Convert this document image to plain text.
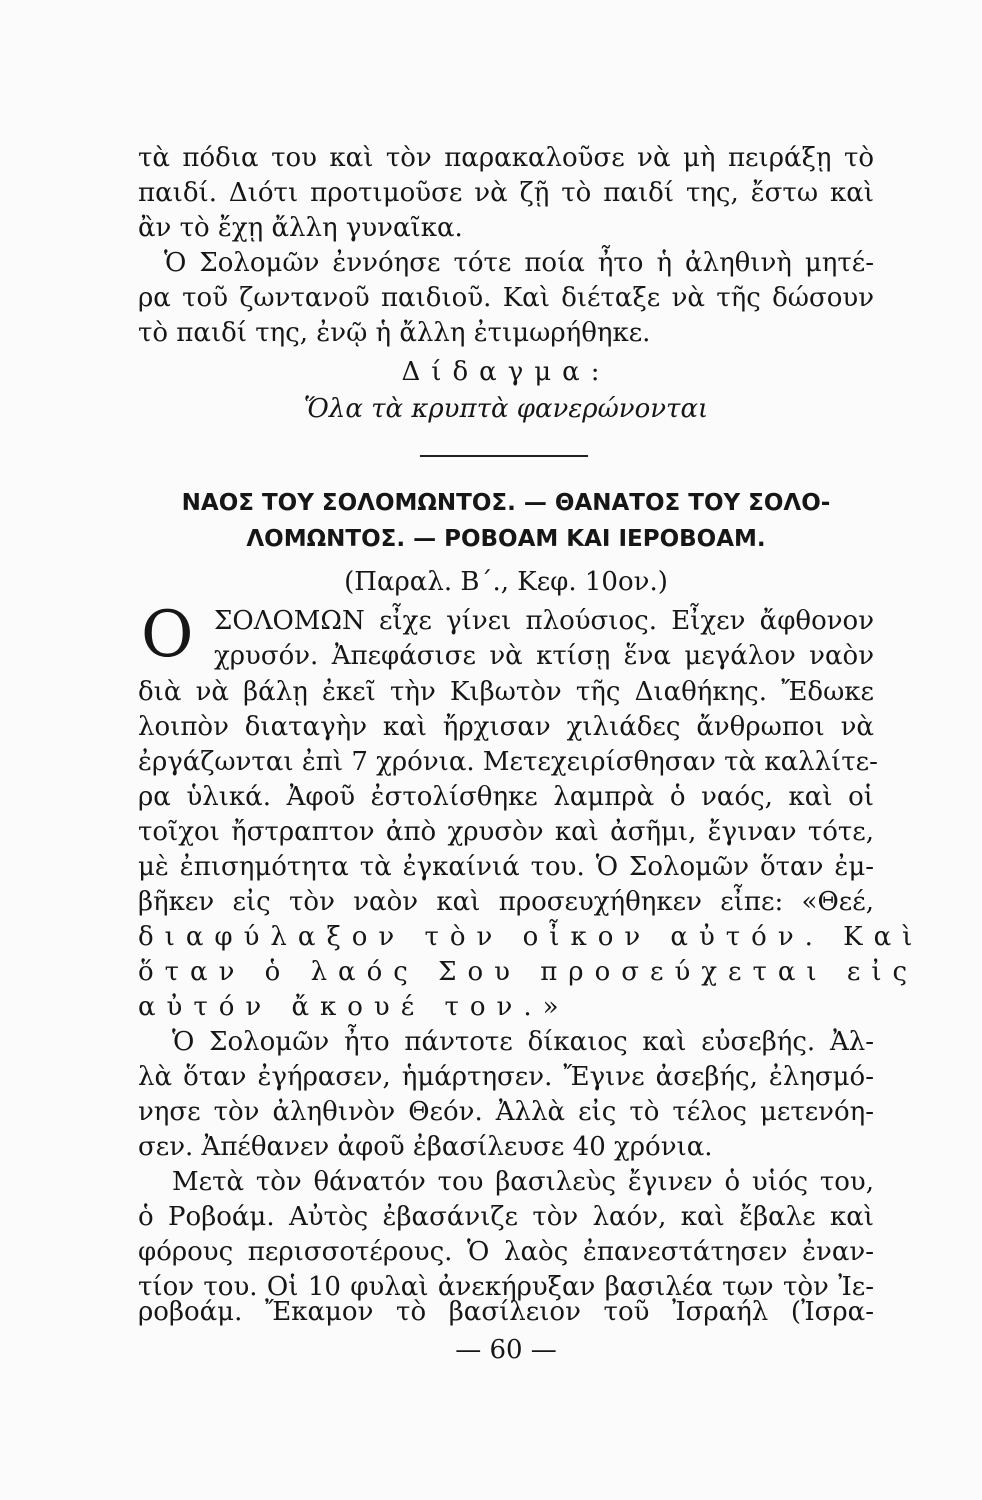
τὰ πόδια του καὶ τὸν παρακαλοῦσε νὰ μὴ πειράξῃ τὸ
παιδί. Διότι προτιμοῦσε νὰ ζῇ τὸ παιδί της, ἔστω καὶ
ἂν τὸ ἔχῃ ἄλλη γυναῖκα.
Ὁ Σολομῶν ἐννόησε τότε ποία ἦτο ἡ ἀληθινὴ μητέ-
ρα τοῦ ζωντανοῦ παιδιοῦ. Καὶ διέταξε νὰ τῆς δώσουν
τὸ παιδί της, ἐνῷ ἡ ἄλλη ἐτιμωρήθηκε.
Δίδαγμα:
Ὅλα τὰ κρυπτὰ φανερώνονται
ΝΑΟΣ ΤΟΥ ΣΟΛΟΜΩΝΤΟΣ. — ΘΑΝΑΤΟΣ ΤΟΥ ΣΟΛΟ-
ΛΟΜΩΝΤΟΣ. — ΡΟΒΟΑΜ ΚΑΙ ΙΕΡΟΒΟΑΜ.
(Παραλ. Β΄., Κεφ. 10ον.)
Ο ΣΟΛΟΜΩΝ εἶχε γίνει πλούσιος. Εἶχεν ἄφθονον
χρυσόν. Ἀπεφάσισε νὰ κτίσῃ ἕνα μεγάλον ναὸν
διὰ νὰ βάλῃ ἐκεῖ τὴν Κιβωτὸν τῆς Διαθήκης. Ἔδωκε
λοιπὸν διαταγὴν καὶ ἤρχισαν χιλιάδες ἄνθρωποι νὰ
ἐργάζωνται ἐπὶ 7 χρόνια. Μετεχειρίσθησαν τὰ καλλίτε-
ρα ὑλικά. Ἀφοῦ ἐστολίσθηκε λαμπρὰ ὁ ναός, καὶ οἱ
τοῖχοι ἤστραπτον ἀπὸ χρυσὸν καὶ ἀσῆμι, ἔγιναν τότε,
μὲ ἐπισημότητα τὰ ἐγκαίνιά του. Ὁ Σολομῶν ὅταν ἐμ-
βῆκεν εἰς τὸν ναὸν καὶ προσευχήθηκεν εἶπε: «Θεέ,
διαφύλαξον τὸν οἶκον αὐτόν. Καὶ
ὅταν ὁ λαός Σου προσεύχεται εἰς
αὐτόν ἄκουέ τον.»
Ὁ Σολομῶν ἦτο πάντοτε δίκαιος καὶ εὐσεβής. Ἀλ-
λὰ ὅταν ἐγήρασεν, ἡμάρτησεν. Ἔγινε ἀσεβής, ἐλησμό-
νησε τὸν ἀληθινὸν Θεόν. Ἀλλὰ εἰς τὸ τέλος μετενόη-
σεν. Ἀπέθανεν ἀφοῦ ἐβασίλευσε 40 χρόνια.
Μετὰ τὸν θάνατόν του βασιλεὺς ἔγινεν ὁ υἱός του,
ὁ Ροβοάμ. Αὐτὸς ἐβασάνιζε τὸν λαόν, καὶ ἔβαλε καὶ
φόρους περισσοτέρους. Ὁ λαὸς ἐπανεστάτησεν ἐναν-
τίον του. Οἱ 10 φυλαὶ ἀνεκήρυξαν βασιλέα των τὸν Ἰε-
— 60 —
ροβοάμ. Ἔκαμον τὸ βασίλειον τοῦ Ἰσραήλ (Ἰσρα-
